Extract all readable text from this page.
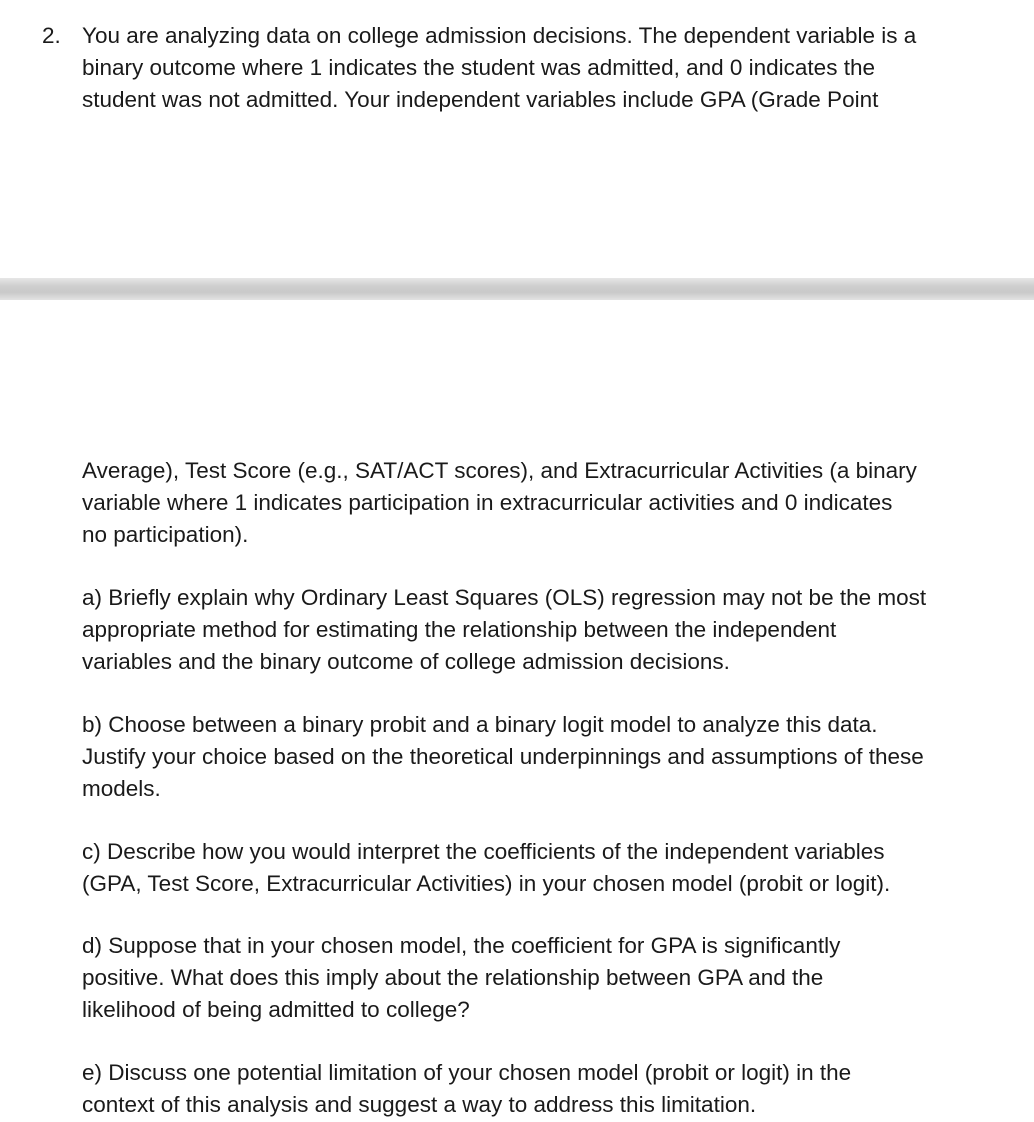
2. You are analyzing data on college admission decisions. The dependent variable is a
binary outcome where 1 indicates the student was admitted, and 0 indicates the
student was not admitted. Your independent variables include GPA (Grade Point

Average), Test Score (e.g., SAT/ACT scores), and Extracurricular Activities (a binary
variable where 1 indicates participation in extracurricular activities and 0 indicates
no participation).

a) Briefly explain why Ordinary Least Squares (OLS) regression may not be the most
appropriate method for estimating the relationship between the independent
variables and the binary outcome of college admission decisions.

b) Choose between a binary probit and a binary logit model to analyze this data.
Justify your choice based on the theoretical underpinnings and assumptions of these
models.

c) Describe how you would interpret the coefficients of the independent variables
(GPA, Test Score, Extracurricular Activities) in your chosen model (probit or logit).

d) Suppose that in your chosen model, the coefficient for GPA is significantly
positive. What does this imply about the relationship between GPA and the
likelihood of being admitted to college?

e) Discuss one potential limitation of your chosen model (probit or logit) in the
context of this analysis and suggest a way to address this limitation.
